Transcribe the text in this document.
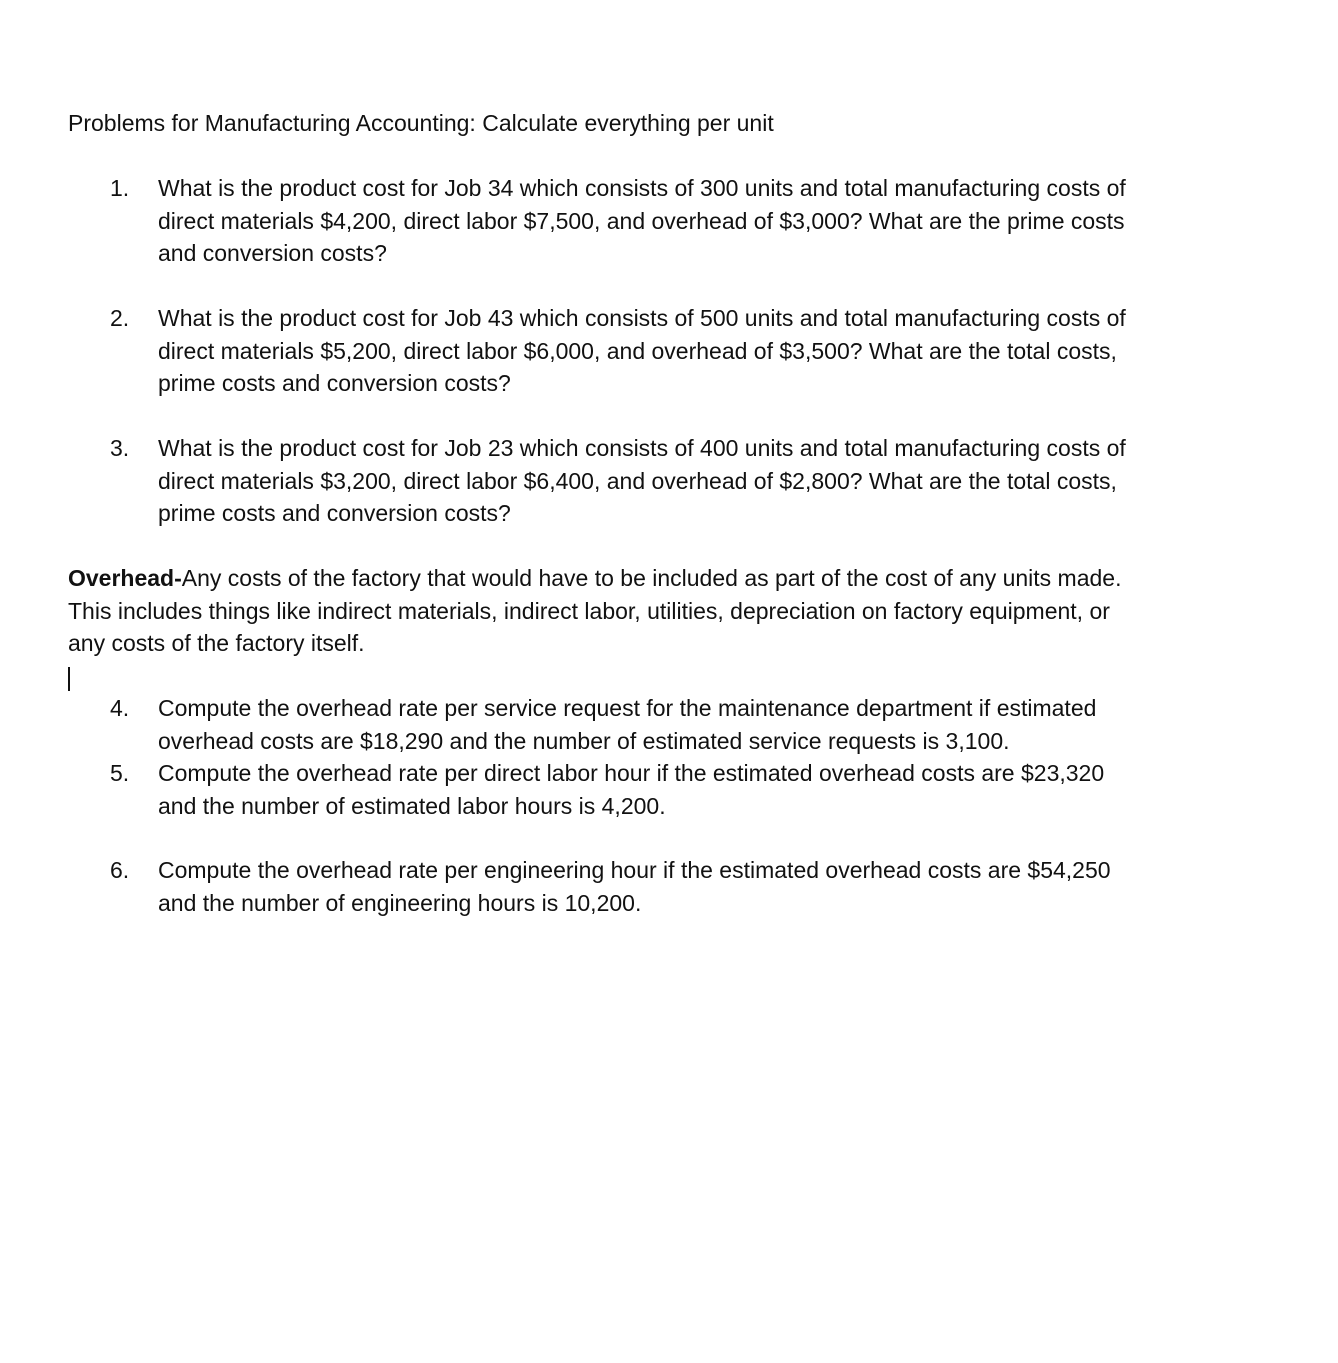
Problems for Manufacturing Accounting: Calculate everything per unit
1.	What is the product cost for Job 34 which consists of 300 units and total manufacturing costs of
direct materials $4,200, direct labor $7,500, and overhead of $3,000? What are the prime costs
and conversion costs?
2.	What is the product cost for Job 43 which consists of 500 units and total manufacturing costs of
direct materials $5,200, direct labor $6,000, and overhead of $3,500? What are the total costs,
prime costs and conversion costs?
3.	What is the product cost for Job 23 which consists of 400 units and total manufacturing costs of
direct materials $3,200, direct labor $6,400, and overhead of $2,800? What are the total costs,
prime costs and conversion costs?
Overhead-Any costs of the factory that would have to be included as part of the cost of any units made.
This includes things like indirect materials, indirect labor, utilities, depreciation on factory equipment, or
any costs of the factory itself.
4.	Compute the overhead rate per service request for the maintenance department if estimated
overhead costs are $18,290 and the number of estimated service requests is 3,100.
5.	Compute the overhead rate per direct labor hour if the estimated overhead costs are $23,320
and the number of estimated labor hours is 4,200.
6.	Compute the overhead rate per engineering hour if the estimated overhead costs are $54,250
and the number of engineering hours is 10,200.
